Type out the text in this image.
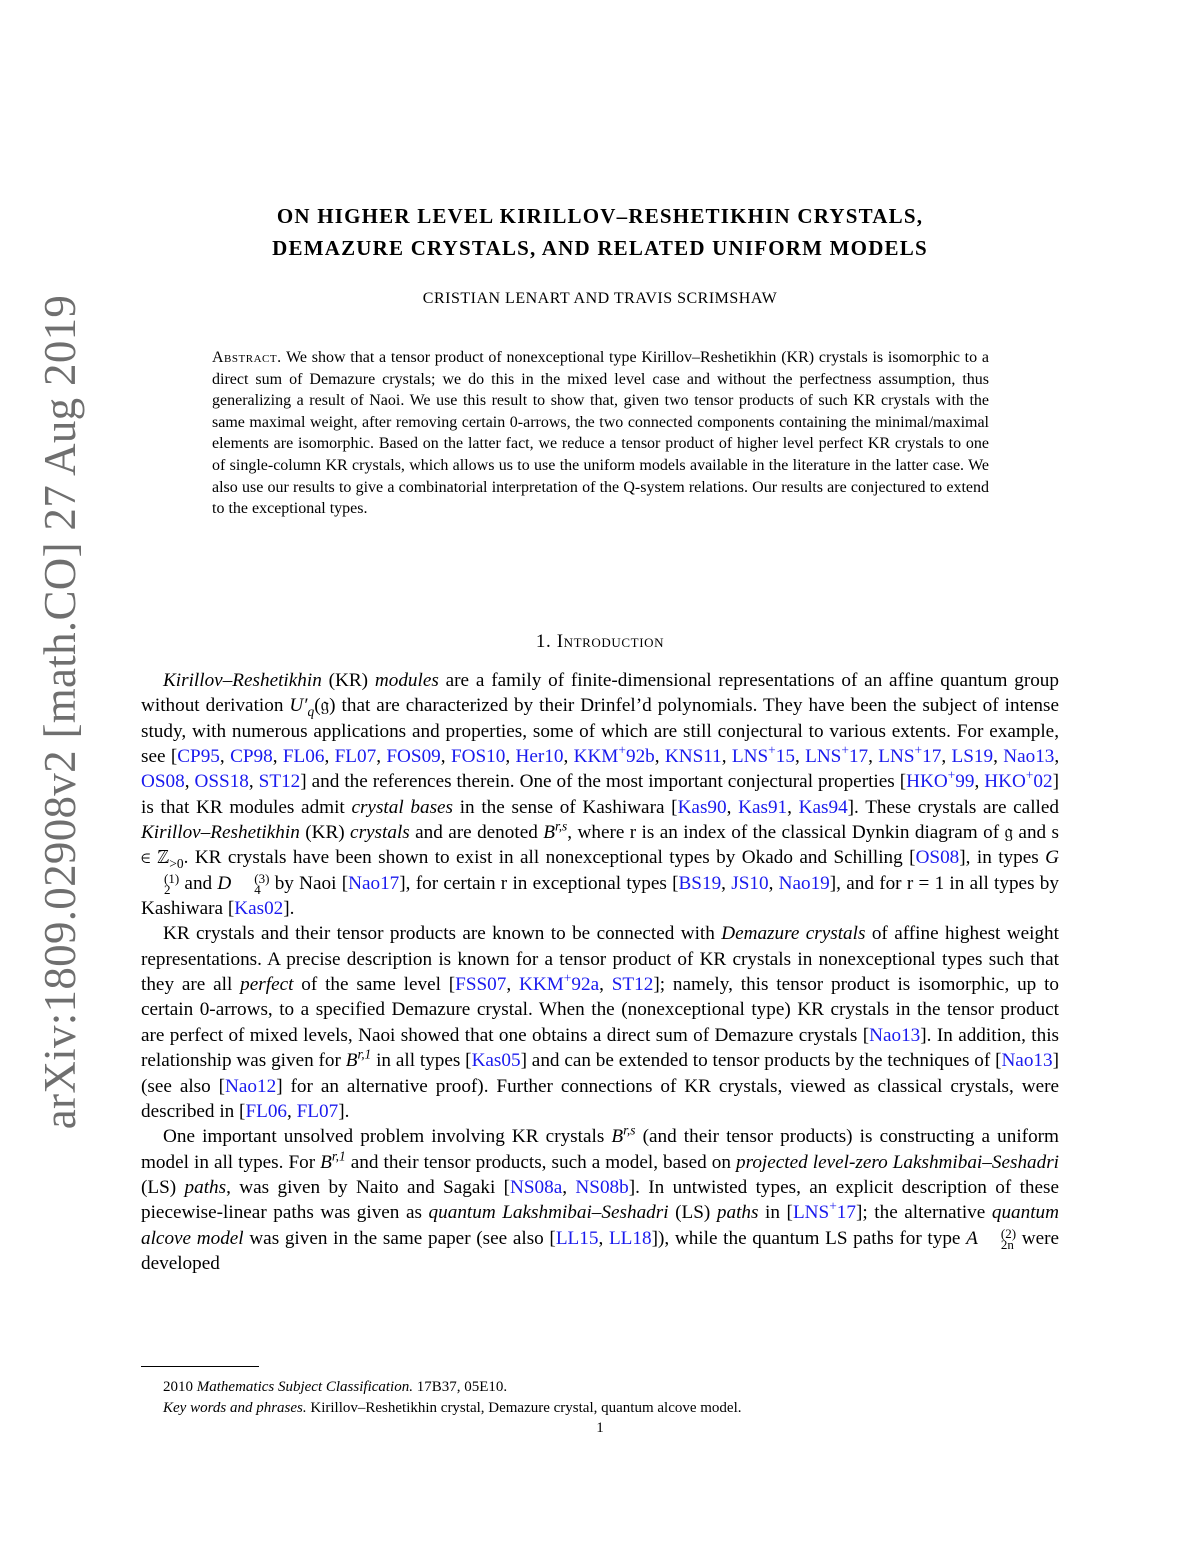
arXiv:1809.02908v2 [math.CO] 27 Aug 2019
ON HIGHER LEVEL KIRILLOV–RESHETIKHIN CRYSTALS,
DEMAZURE CRYSTALS, AND RELATED UNIFORM MODELS
CRISTIAN LENART AND TRAVIS SCRIMSHAW
Abstract. We show that a tensor product of nonexceptional type Kirillov–Reshetikhin (KR) crystals is isomorphic to a direct sum of Demazure crystals; we do this in the mixed level case and without the perfectness assumption, thus generalizing a result of Naoi. We use this result to show that, given two tensor products of such KR crystals with the same maximal weight, after removing certain 0-arrows, the two connected components containing the minimal/maximal elements are isomorphic. Based on the latter fact, we reduce a tensor product of higher level perfect KR crystals to one of single-column KR crystals, which allows us to use the uniform models available in the literature in the latter case. We also use our results to give a combinatorial interpretation of the Q-system relations. Our results are conjectured to extend to the exceptional types.
1. Introduction

Kirillov–Reshetikhin (KR) modules are a family of finite-dimensional representations of an affine quantum group without derivation $U'_q(𝔤)$ that are characterized by their Drinfel’d polynomials. They have been the subject of intense study, with numerous applications and properties, some of which are still conjectural to various extents. For example, see [CP95, CP98, FL06, FL07, FOS09, FOS10, Her10, KKM+92b, KNS11, LNS+15, LNS+17, LNS+17, LS19, Nao13, OS08, OSS18, ST12] and the references therein. One of the most important conjectural properties [HKO+99, HKO+02] is that KR modules admit crystal bases in the sense of Kashiwara [Kas90, Kas91, Kas94]. These crystals are called Kirillov–Reshetikhin (KR) crystals and are denoted B$^{r,s}$, where r is an index of the classical Dynkin diagram of 𝔤 and s ∈ ℤ$_{>0}$. KR crystals have been shown to exist in all nonexceptional types by Okado and Schilling [OS08], in types G
(1)
2 and D	(3)
4 by Naoi [Nao17], for certain r in exceptional types [BS19, JS10, Nao19], and for r = 1 in all types by Kashiwara [Kas02].

KR crystals and their tensor products are known to be connected with Demazure crystals of affine highest weight representations. A precise description is known for a tensor product of KR crystals in nonexceptional types such that they are all perfect of the same level [FSS07, KKM+92a, ST12]; namely, this tensor product is isomorphic, up to certain 0-arrows, to a specified Demazure crystal. When the (nonexceptional type) KR crystals in the tensor product are perfect of mixed levels, Naoi showed that one obtains a direct sum of Demazure crystals [Nao13]. In addition, this relationship was given for B$^{r,1}$ in all types [Kas05] and can be extended to tensor products by the techniques of [Nao13] (see also [Nao12] for an alternative proof). Further connections of KR crystals, viewed as classical crystals, were described in [FL06, FL07].

One important unsolved problem involving KR crystals B$^{r,s}$ (and their tensor products) is constructing a uniform model in all types. For B$^{r,1}$ and their tensor products, such a model, based on projected level-zero Lakshmibai–Seshadri (LS) paths, was given by Naito and Sagaki [NS08a, NS08b]. In untwisted types, an explicit description of these piecewise-linear paths was given as quantum Lakshmibai–Seshadri (LS) paths in [LNS+17]; the alternative quantum alcove model was given in the same paper (see also [LL15, LL18]), while the quantum LS paths for type A	(2)
2n were developed

2010 Mathematics Subject Classification. 17B37, 05E10.
Key words and phrases. Kirillov–Reshetikhin crystal, Demazure crystal, quantum alcove model.
1
